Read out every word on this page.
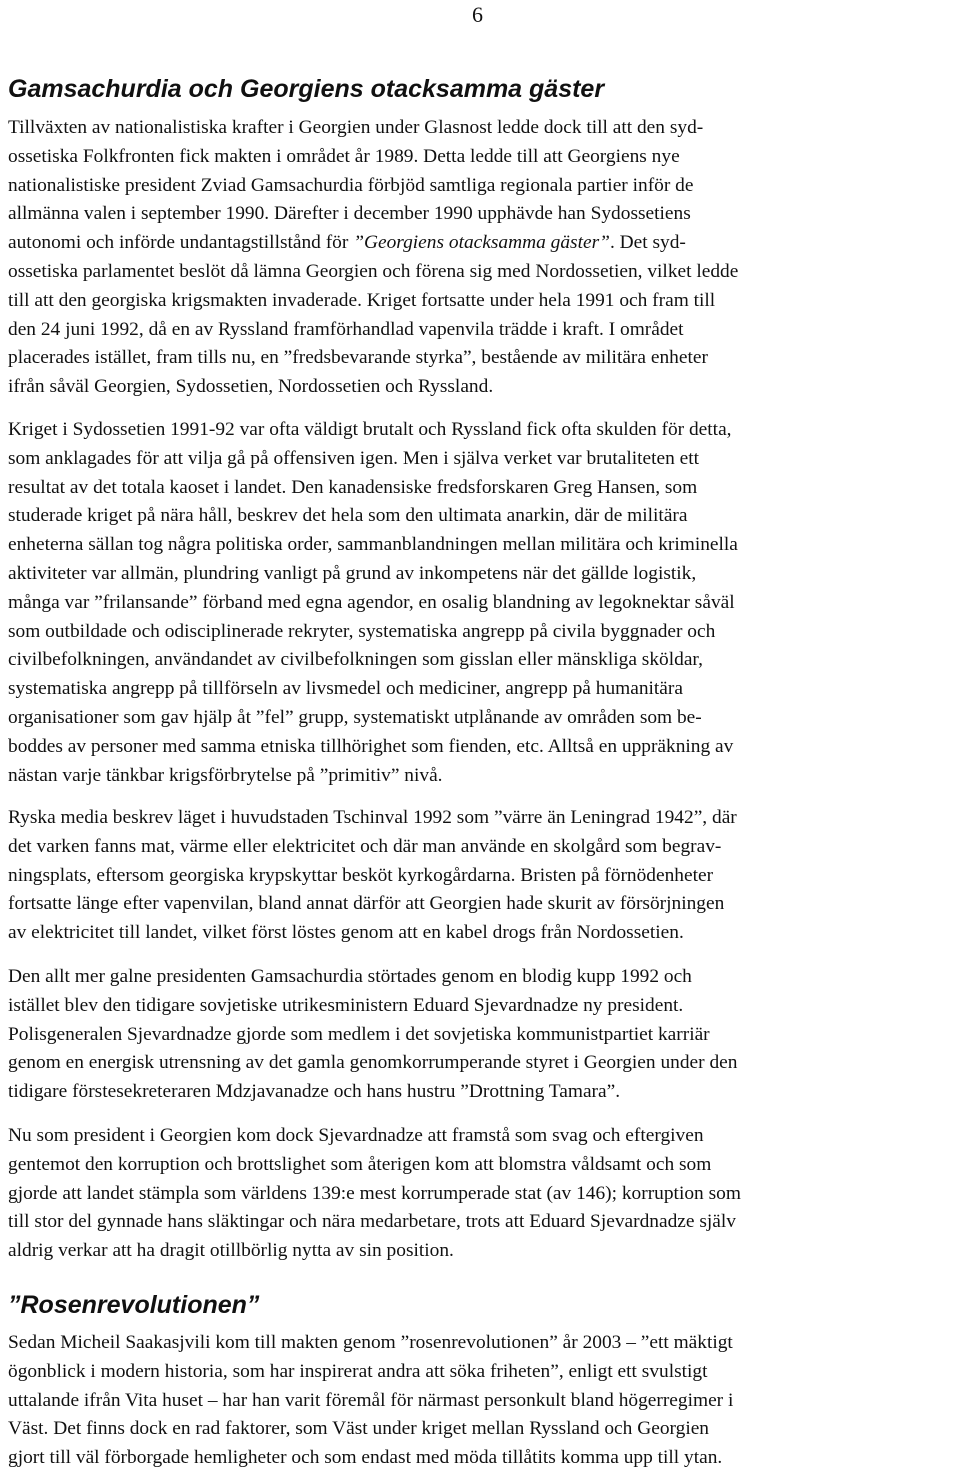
6

Gamsachurdia och Georgiens otacksamma gäster
Tillväxten av nationalistiska krafter i Georgien under Glasnost ledde dock till att den syd-
ossetiska Folkfronten fick makten i området år 1989. Detta ledde till att Georgiens nye
nationalistiske president Zviad Gamsachurdia förbjöd samtliga regionala partier inför de
allmänna valen i september 1990. Därefter i december 1990 upphävde han Sydossetiens
autonomi och införde undantagstillstånd för ”Georgiens otacksamma gäster”. Det syd-
ossetiska parlamentet beslöt då lämna Georgien och förena sig med Nordossetien, vilket ledde
till att den georgiska krigsmakten invaderade. Kriget fortsatte under hela 1991 och fram till
den 24 juni 1992, då en av Ryssland framförhandlad vapenvila trädde i kraft. I området
placerades istället, fram tills nu, en ”fredsbevarande styrka”, bestående av militära enheter
ifrån såväl Georgien, Sydossetien, Nordossetien och Ryssland.
Kriget i Sydossetien 1991-92 var ofta väldigt brutalt och Ryssland fick ofta skulden för detta,
som anklagades för att vilja gå på offensiven igen. Men i själva verket var brutaliteten ett
resultat av det totala kaoset i landet. Den kanadensiske fredsforskaren Greg Hansen, som
studerade kriget på nära håll, beskrev det hela som den ultimata anarkin, där de militära
enheterna sällan tog några politiska order, sammanblandningen mellan militära och kriminella
aktiviteter var allmän, plundring vanligt på grund av inkompetens när det gällde logistik,
många var ”frilansande” förband med egna agendor, en osalig blandning av legoknektar såväl
som outbildade och odisciplinerade rekryter, systematiska angrepp på civila byggnader och
civilbefolkningen, användandet av civilbefolkningen som gisslan eller mänskliga sköldar,
systematiska angrepp på tillförseln av livsmedel och mediciner, angrepp på humanitära
organisationer som gav hjälp åt ”fel” grupp, systematiskt utplånande av områden som be-
boddes av personer med samma etniska tillhörighet som fienden, etc. Alltså en uppräkning av
nästan varje tänkbar krigsförbrytelse på ”primitiv” nivå.
Ryska media beskrev läget i huvudstaden Tschinval 1992 som ”värre än Leningrad 1942”, där
det varken fanns mat, värme eller elektricitet och där man använde en skolgård som begrav-
ningsplats, eftersom georgiska krypskyttar besköt kyrkogårdarna. Bristen på förnödenheter
fortsatte länge efter vapenvilan, bland annat därför att Georgien hade skurit av försörjningen
av elektricitet till landet, vilket först löstes genom att en kabel drogs från Nordossetien.
Den allt mer galne presidenten Gamsachurdia störtades genom en blodig kupp 1992 och
istället blev den tidigare sovjetiske utrikesministern Eduard Sjevardnadze ny president.
Polisgeneralen Sjevardnadze gjorde som medlem i det sovjetiska kommunistpartiet karriär
genom en energisk utrensning av det gamla genomkorrumperande styret i Georgien under den
tidigare förstesekreteraren Mdzjavanadze och hans hustru ”Drottning Tamara”.
Nu som president i Georgien kom dock Sjevardnadze att framstå som svag och eftergiven
gentemot den korruption och brottslighet som återigen kom att blomstra våldsamt och som
gjorde att landet stämpla som världens 139:e mest korrumperade stat (av 146); korruption som
till stor del gynnade hans släktingar och nära medarbetare, trots att Eduard Sjevardnadze själv
aldrig verkar att ha dragit otillbörlig nytta av sin position.
”Rosenrevolutionen”
Sedan Micheil Saakasjvili kom till makten genom ”rosenrevolutionen” år 2003 – ”ett mäktigt
ögonblick i modern historia, som har inspirerat andra att söka friheten”, enligt ett svulstigt
uttalande ifrån Vita huset – har han varit föremål för närmast personkult bland högerregimer i
Väst. Det finns dock en rad faktorer, som Väst under kriget mellan Ryssland och Georgien
gjort till väl förborgade hemligheter och som endast med möda tillåtits komma upp till ytan.
